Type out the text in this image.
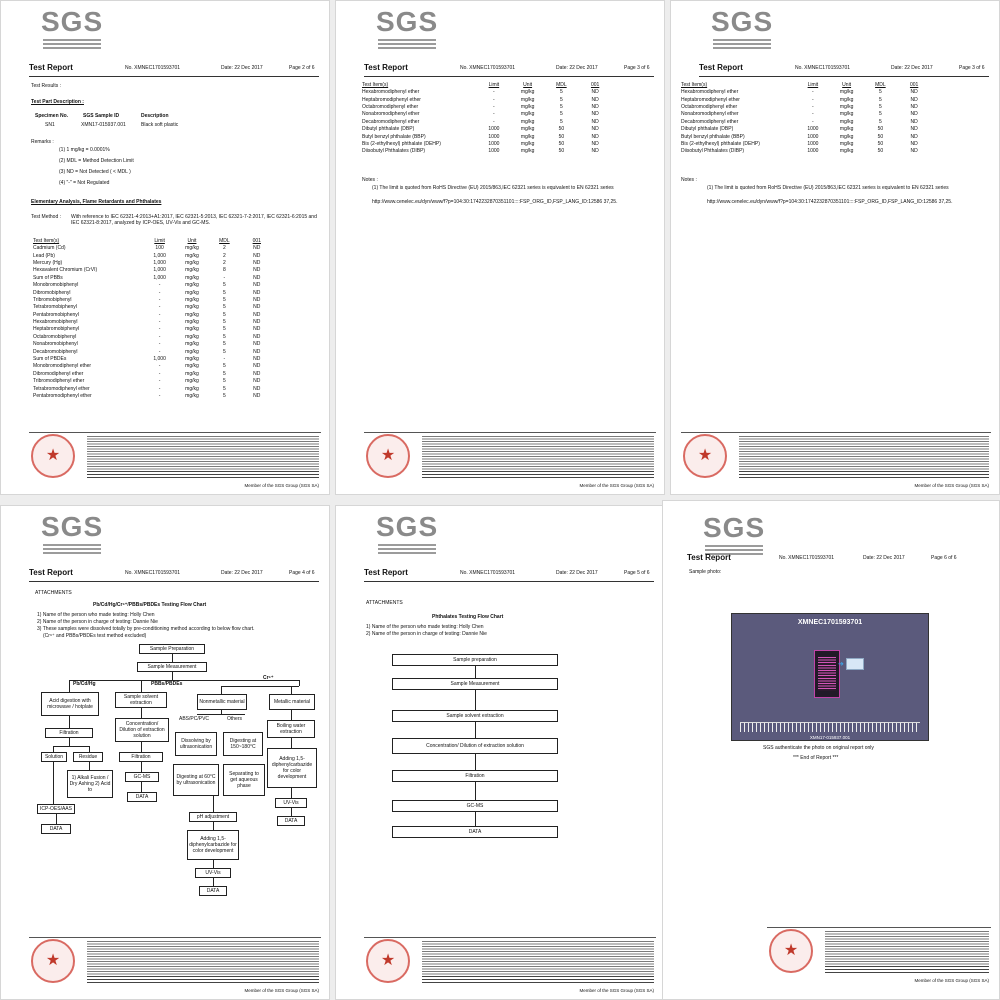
SGS
Test Report	No. XMNEC1701593701	Date: 22 Dec 2017	Page 2 of 6
Test Results :
Test Part Description :
Specimen No.	SGS Sample ID	Description
SN1	XMN17-015937.001	Black soft plastic
Remarks :
(1) 1 mg/kg = 0.0001%
(2) MDL = Method Detection Limit
(3) ND = Not Detected ( < MDL )
(4) "-" = Not Regulated
Elementary Analysis, Flame Retardants and Phthalates
Test Method : With reference to IEC 62321-4:2013+A1:2017, IEC 62321-5:2013, IEC 62321-7-2:2017, IEC 62321-6:2015 and IEC 62321-8:2017, analyzed by ICP-OES, UV-Vis and GC-MS.
Test Item(s)	Limit	Unit	MDL	001
Cadmium (Cd)	100	mg/kg	2	ND
Lead (Pb)	1,000	mg/kg	2	ND
Mercury (Hg)	1,000	mg/kg	2	ND
Hexavalent Chromium (CrVI)	1,000	mg/kg	8	ND
Sum of PBBs	1,000	mg/kg	-	ND
Monobromobiphenyl	-	mg/kg	5	ND
Dibromobiphenyl	-	mg/kg	5	ND
Tribromobiphenyl	-	mg/kg	5	ND
Tetrabromobiphenyl	-	mg/kg	5	ND
Pentabromobiphenyl	-	mg/kg	5	ND
Hexabromobiphenyl	-	mg/kg	5	ND
Heptabromobiphenyl	-	mg/kg	5	ND
Octabromobiphenyl	-	mg/kg	5	ND
Nonabromobiphenyl	-	mg/kg	5	ND
Decabromobiphenyl	-	mg/kg	5	ND
Sum of PBDEs	1,000	mg/kg	-	ND
Monobromodiphenyl ether	-	mg/kg	5	ND
Dibromodiphenyl ether	-	mg/kg	5	ND
Tribromodiphenyl ether	-	mg/kg	5	ND
Tetrabromodiphenyl ether	-	mg/kg	5	ND
Pentabromodiphenyl ether	-	mg/kg	5	ND
★
Member of the SGS Group (SGS SA)
SGS
Test Report	No. XMNEC1701593701	Date: 22 Dec 2017	Page 3 of 6
Test Item(s)	Limit	Unit	MDL	001
Hexabromodiphenyl ether	-	mg/kg	5	ND
Heptabromodiphenyl ether	-	mg/kg	5	ND
Octabromodiphenyl ether	-	mg/kg	5	ND
Nonabromodiphenyl ether	-	mg/kg	5	ND
Decabromodiphenyl ether	-	mg/kg	5	ND
Dibutyl phthalate (DBP)	1000	mg/kg	50	ND
Butyl benzyl phthalate (BBP)	1000	mg/kg	50	ND
Bis (2-ethylhexyl) phthalate (DEHP)	1000	mg/kg	50	ND
Diisobutyl Phthalates (DIBP)	1000	mg/kg	50	ND
Notes :
(1) The limit is quoted from RoHS Directive (EU) 2015/863,IEC 62321 series is equivalent to EN 62321 series
http://www.cenelec.eu/dyn/www/f?p=104:30:1742232870351101::::FSP_ORG_ID,FSP_LANG_ID:12586 37,25.
★
Member of the SGS Group (SGS SA)
SGS
Test Report	No. XMNEC1701593701	Date: 22 Dec 2017	Page 3 of 6
Test Item(s)	Limit	Unit	MDL	001
Hexabromodiphenyl ether	-	mg/kg	5	ND
Heptabromodiphenyl ether	-	mg/kg	5	ND
Octabromodiphenyl ether	-	mg/kg	5	ND
Nonabromodiphenyl ether	-	mg/kg	5	ND
Decabromodiphenyl ether	-	mg/kg	5	ND
Dibutyl phthalate (DBP)	1000	mg/kg	50	ND
Butyl benzyl phthalate (BBP)	1000	mg/kg	50	ND
Bis (2-ethylhexyl) phthalate (DEHP)	1000	mg/kg	50	ND
Diisobutyl Phthalates (DIBP)	1000	mg/kg	50	ND
Notes :
(1) The limit is quoted from RoHS Directive (EU) 2015/863,IEC 62321 series is equivalent to EN 62321 series
http://www.cenelec.eu/dyn/www/f?p=104:30:1742232870351101::::FSP_ORG_ID,FSP_LANG_ID:12586 37,25.
★
Member of the SGS Group (SGS SA)
SGS
Test Report	No. XMNEC1701593701	Date: 22 Dec 2017	Page 4 of 6
ATTACHMENTS
Pb/Cd/Hg/Cr⁶⁺/PBBs/PBDEs Testing Flow Chart
1) Name of the person who made testing: Holly Chen
2) Name of the person in charge of testing: Dannie Nie
3) These samples were dissolved totally by pre-conditioning method according to below flow chart.
(Cr⁶⁺ and PBBs/PBDEs test method excluded)
Sample Preparation
Sample Measurement
Pb/Cd/Hg	PBBs/PBDEs
Cr⁶⁺
Acid digestion with microwave / hotplate
Filtration
Solution	Residue
1) Alkali Fusion / Dry Ashing 2) Acid to
ICP-OES/AAS
DATA
Sample solvent extraction
Concentration/ Dilution of extraction solution
Filtration
GC-MS
DATA
Nonmetallic material	Metallic material
ABS/PC/PVC	Others
Dissolving by ultrasonication
Digesting at 150~180°C
Digesting at 60°C by ultrasonication
Separating to get aqueous phase
pH adjustment
Adding 1,5-diphenylcarbazide for color development
UV-Vis
DATA
Boiling water extraction
Adding 1,5-diphenylcarbazide for color development
UV-Vis
DATA
★
Member of the SGS Group (SGS SA)
SGS
Test Report	No. XMNEC1701593701	Date: 22 Dec 2017	Page 5 of 6
ATTACHMENTS
Phthalates Testing Flow Chart
1) Name of the person who made testing: Holly Chen
2) Name of the person in charge of testing: Dannie Nie
Sample preparation
Sample Measurement
Sample solvent extraction
Concentration/ Dilution of extraction solution
Filtration
GC-MS
DATA
★
Member of the SGS Group (SGS SA)
SGS
Test Report	No. XMNEC1701593701	Date: 22 Dec 2017	Page 6 of 6
Sample photo:
XMNEC1701593701
➜
XMN17-015937.001
SGS authenticate the photo on original report only
*** End of Report ***
★
Member of the SGS Group (SGS SA)
